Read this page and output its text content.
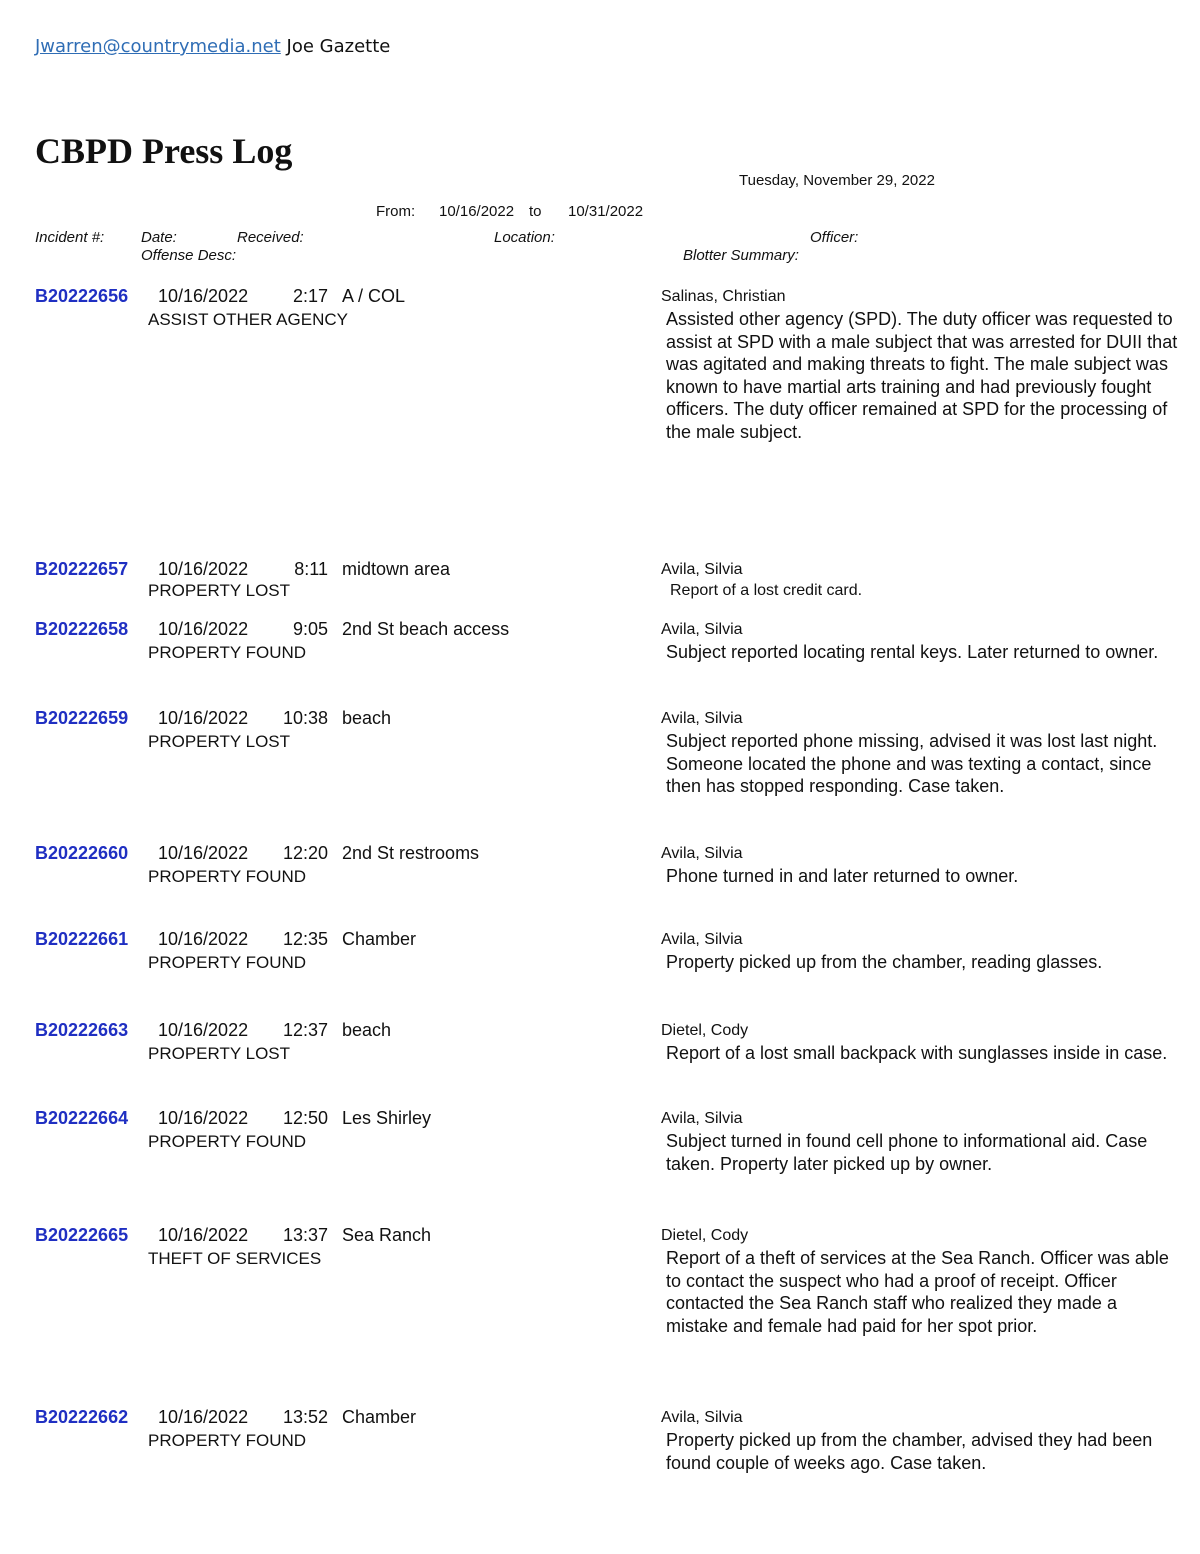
Jwarren@countrymedia.net Joe Gazette
CBPD Press Log
Tuesday, November 29, 2022
From: 10/16/2022 to 10/31/2022
Incident #: Date:	Received:	Location:	Officer:
Offense Desc:	Blotter Summary:
B20222656 10/16/2022 2:17 A / COL
ASSIST OTHER AGENCY
Salinas, Christian
Assisted other agency (SPD). The duty officer was requested to assist at SPD with a male subject that was arrested for DUII that was agitated and making threats to fight. The male subject was known to have martial arts training and had previously fought officers. The duty officer remained at SPD for the processing of the male subject.
B20222657 10/16/2022	8:11 midtown area
PROPERTY LOST
Avila, Silvia
Report of a lost credit card.
B20222658 10/16/2022 9:05 2nd St beach access
PROPERTY FOUND
Avila, Silvia
Subject reported locating rental keys. Later returned to owner.
B20222659 10/16/2022 10:38 beach
PROPERTY LOST
Avila, Silvia
Subject reported phone missing, advised it was lost last night. Someone located the phone and was texting a contact, since then has stopped responding. Case taken.
B20222660 10/16/2022 12:20 2nd St restrooms
PROPERTY FOUND
Avila, Silvia
Phone turned in and later returned to owner.
B20222661 10/16/2022 12:35 Chamber
PROPERTY FOUND
Avila, Silvia
Property picked up from the chamber, reading glasses.
B20222663 10/16/2022 12:37 beach
PROPERTY LOST
Dietel, Cody
Report of a lost small backpack with sunglasses inside in case.
B20222664 10/16/2022 12:50 Les Shirley
PROPERTY FOUND
Avila, Silvia
Subject turned in found cell phone to informational aid. Case taken. Property later picked up by owner.
B20222665 10/16/2022 13:37 Sea Ranch
THEFT OF SERVICES
Dietel, Cody
Report of a theft of services at the Sea Ranch. Officer was able to contact the suspect who had a proof of receipt. Officer contacted the Sea Ranch staff who realized they made a mistake and female had paid for her spot prior.
B20222662 10/16/2022 13:52 Chamber
PROPERTY FOUND
Avila, Silvia
Property picked up from the chamber, advised they had been found couple of weeks ago. Case taken.
